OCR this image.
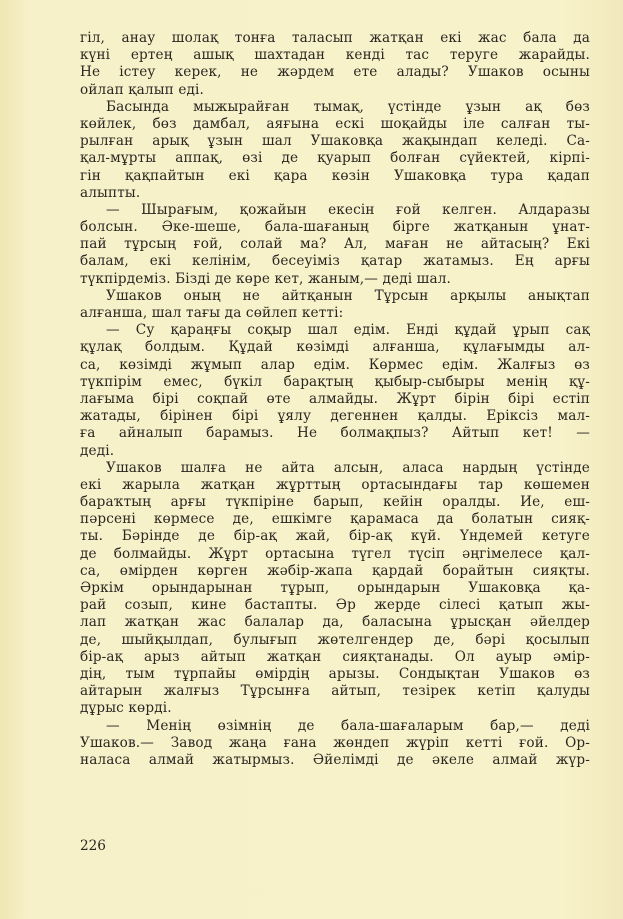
гіл, анау шолақ тонға таласып жатқан екі жас бала да
күні ертең ашық шахтадан кенді таc теруге жарайды.
Не істеу керек, не жәрдем ете алады? Ушаков осыны
ойлап қалып еді.
Басында мыжырайған тымақ, үстінде ұзын ақ бөз
көйлек, бөз дамбал, аяғына ескі шоқайды іле салған ты-
рылған арық ұзын шал Ушаковқа жақындап келеді. Са-
қал-мұрты аппақ, өзі де қуарып болған сүйектей, кірпі-
гін қақпайтын екі қара көзін Ушаковқа тура қадап
алыпты.
— Шырағым, қожайын екесін ғой келген. Алдаразы
болсын. Әке-шеше, бала-шағаның бірге жатқанын ұнат-
пай тұрсың ғой, солай ма? Ал, маған не айтасың? Екі
балам, екі келінім, бесеуіміз қатар жатамыз. Ең арғы
түкпірдеміз. Бізді де көре кет, жаным,— деді шал.
Ушаков оның не айтқанын Тұрсын арқылы анықтап
алғанша, шал тағы да сөйлеп кетті:
— Су қараңғы соқыр шал едім. Енді құдай ұрып сақ
құлақ болдым. Құдай көзімді алғанша, құлағымды ал-
са, көзімді жұмып алар едім. Көрмес едім. Жалғыз өз
түкпірім емес, бүкіл барақтың қыбыр-сыбыры менің құ-
лағыма бірі соқпай өте алмайды. Жұрт бірін бірі естіп
жатады, бірінен бірі ұялу дегеннен қалды. Еріксіз мал-
ға айналып барамыз. Не болмақпыз? Айтып кет! —
деді.
Ушаков шалға не айта алсын, аласа нардың үстінде
екі жарыла жатқан жұрттың ортасындағы тар көшемен
бараҡтың арғы түкпірiне барып, кейін оралды. Ие, еш-
пәрсені көрмесе де, ешкімге қарамаса да болатын сияқ-
ты. Бәрінде де бір-ақ жай, бір-ақ күй. Үндемей кетуге
де болмайды. Жұрт ортасына түгел түсіп әңгімелесе қал-
са, өмірден көрген жәбір-жапа қардай борайтын сияқты.
Әркім орындарынан тұрып, орындарын Ушаковқа қа-
рай созып, кине бастапты. Әр жерде сілесі қатып жы-
лап жатқан жас балалар да, баласына ұрысқан әйелдер
де, шыйқылдап, булығып жөтелгендер де, бәрі қосылып
бір-ақ арыз айтып жатқан сияқтанады. Ол ауыр әмір-
дің, тым тұрпайы өмірдің арызы. Сондықтан Ушаков өз
айтарын жалғыз Тұрсынға айтып, тезірек кетіп қалуды
дұрыс көрді.
— Менің өзімнің де бала-шағаларым бар,— деді
Ушаков.— Завод жаңа ғана жөндеп жүріп кетті ғой. Ор-
наласа алмай жатырмыз. Әйелімді де әкеле алмай жүр-
226
